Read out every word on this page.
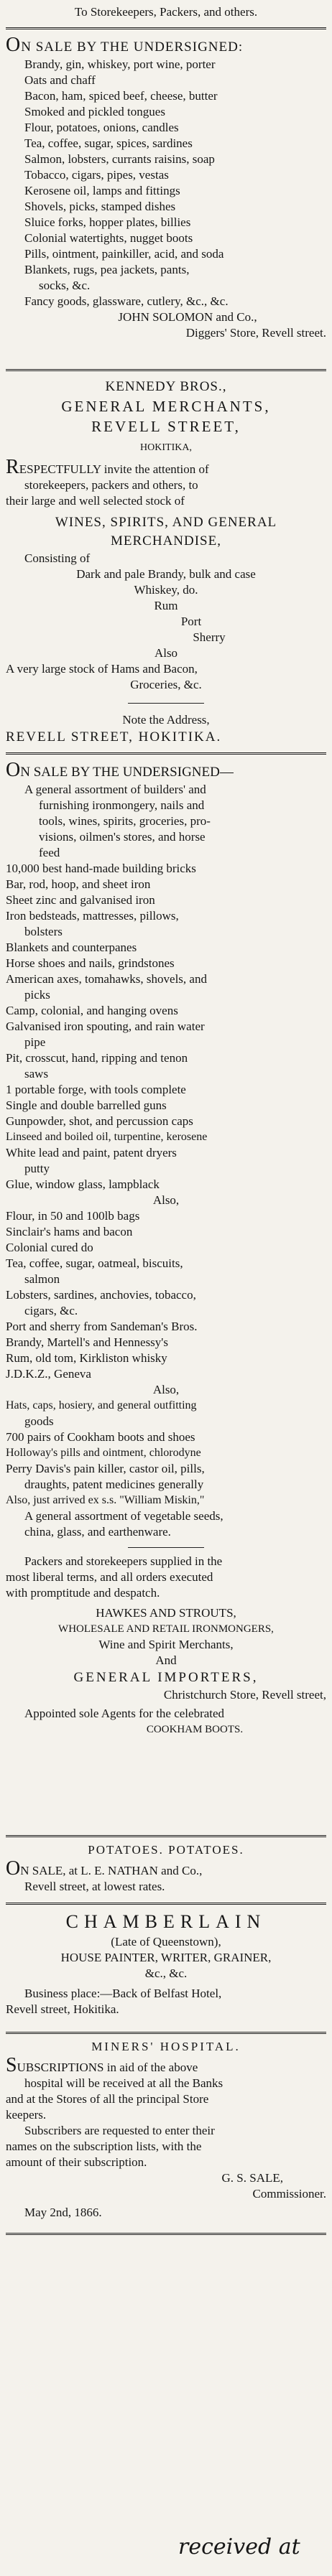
To Storekeepers, Packers, and others.

ON SALE BY THE UNDERSIGNED:

Brandy, gin, whiskey, port wine, porter

Oats and chaff

Bacon, ham, spiced beef, cheese, butter

Smoked and pickled tongues

Flour, potatoes, onions, candles

Tea, coffee, sugar, spices, sardines

Salmon, lobsters, currants raisins, soap

Tobacco, cigars, pipes, vestas

Kerosene oil, lamps and fittings

Shovels, picks, stamped dishes

Sluice forks, hopper plates, billies

Colonial watertights, nugget boots

Pills, ointment, painkiller, acid, and soda

Blankets, rugs, pea jackets, pants,

socks, &c.

Fancy goods, glassware, cutlery, &c., &c.

JOHN SOLOMON and Co.,

Diggers' Store, Revell street.

KENNEDY BROS.,

GENERAL MERCHANTS,

REVELL STREET,

HOKITIKA,

RESPECTFULLY invite the attention of

storekeepers, packers and others, to

their large and well selected stock of

WINES, SPIRITS, AND GENERAL

MERCHANDISE,

Consisting of

Dark and pale Brandy, bulk and case

Whiskey, do.

Rum

Port

Sherry

Also

A very large stock of Hams and Bacon,

Groceries, &c.

Note the Address,

REVELL STREET, HOKITIKA.

ON SALE BY THE UNDERSIGNED—

A general assortment of builders' and

furnishing ironmongery, nails and

tools, wines, spirits, groceries, pro-

visions, oilmen's stores, and horse

feed

10,000 best hand-made building bricks

Bar, rod, hoop, and sheet iron

Sheet zinc and galvanised iron

Iron bedsteads, mattresses, pillows,

bolsters

Blankets and counterpanes

Horse shoes and nails, grindstones

American axes, tomahawks, shovels, and

picks

Camp, colonial, and hanging ovens

Galvanised iron spouting, and rain water

pipe

Pit, crosscut, hand, ripping and tenon

saws

1 portable forge, with tools complete

Single and double barrelled guns

Gunpowder, shot, and percussion caps

Linseed and boiled oil, turpentine, kerosene

White lead and paint, patent dryers

putty

Glue, window glass, lampblack

Also,

Flour, in 50 and 100lb bags

Sinclair's hams and bacon

Colonial cured do

Tea, coffee, sugar, oatmeal, biscuits,

salmon

Lobsters, sardines, anchovies, tobacco,

cigars, &c.

Port and sherry from Sandeman's Bros.

Brandy, Martell's and Hennessy's

Rum, old tom, Kirkliston whisky

J.D.K.Z., Geneva

Also,

Hats, caps, hosiery, and general outfitting

goods

700 pairs of Cookham boots and shoes

Holloway's pills and ointment, chlorodyne

Perry Davis's pain killer, castor oil, pills,

draughts, patent medicines generally

Also, just arrived ex s.s. "William Miskin,"

A general assortment of vegetable seeds,

china, glass, and earthenware.

Packers and storekeepers supplied in the

most liberal terms, and all orders executed

with promptitude and despatch.

HAWKES AND STROUTS,

WHOLESALE AND RETAIL IRONMONGERS,

Wine and Spirit Merchants,

And

GENERAL IMPORTERS,

Christchurch Store, Revell street,

Appointed sole Agents for the celebrated

COOKHAM BOOTS.

POTATOES. POTATOES.

ON SALE, at L. E. NATHAN and Co.,

Revell street, at lowest rates.

CHAMBERLAIN

(Late of Queenstown),

HOUSE PAINTER, WRITER, GRAINER,

&c., &c.

Business place:—Back of Belfast Hotel,

Revell street, Hokitika.

MINERS' HOSPITAL.

SUBSCRIPTIONS in aid of the above

hospital will be received at all the Banks

and at the Stores of all the principal Store

keepers.

Subscribers are requested to enter their

names on the subscription lists, with the

amount of their subscription.

G. S. SALE,

Commissioner.

May 2nd, 1866.

received at
